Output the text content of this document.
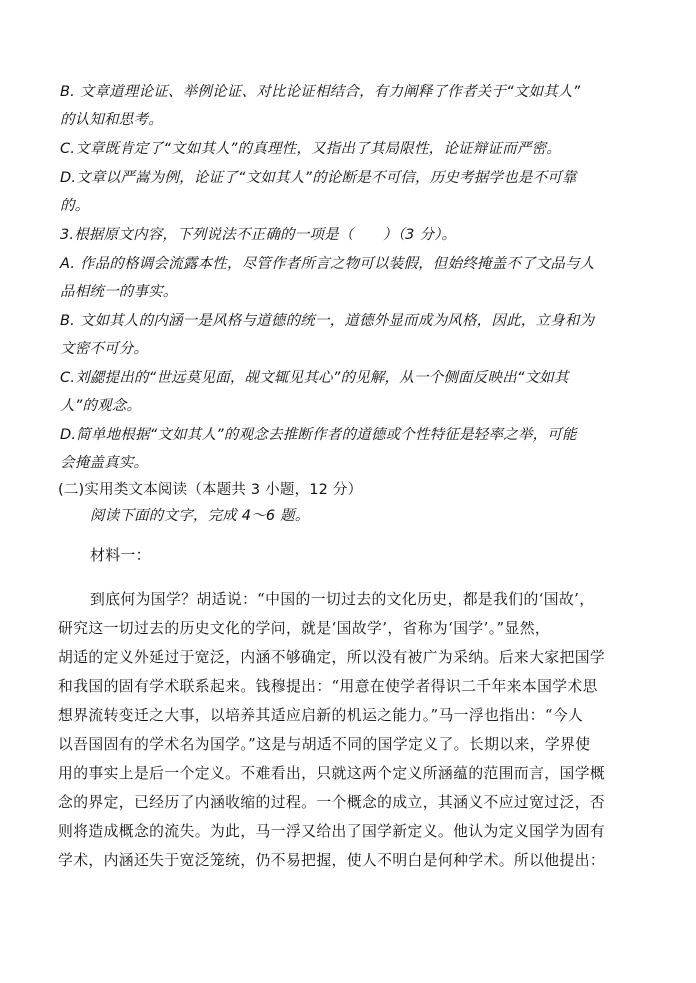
B. 文章道理论证、举例论证、对比论证相结合，有力阐释了作者关于“文如其人”
的认知和思考。
C.文章既肯定了“文如其人”的真理性，又指出了其局限性，论证辩证而严密。
D.文章以严嵩为例，论证了“文如其人”的论断是不可信，历史考据学也是不可靠
的。
3.根据原文内容，下列说法不正确的一项是（　　）（3 分）。
A. 作品的格调会流露本性，尽管作者所言之物可以装假，但始终掩盖不了文品与人
品相统一的事实。
B. 文如其人的内涵一是风格与道德的统一，道德外显而成为风格，因此，立身和为
文密不可分。
C.刘勰提出的“世远莫见面，觇文辄见其心”的见解，从一个侧面反映出“文如其
人”的观念。
D.简单地根据“文如其人”的观念去推断作者的道德或个性特征是轻率之举，可能
会掩盖真实。
(二)实用类文本阅读（本题共 3 小题，12 分）
阅读下面的文字，完成 4～6 题。
材料一：
到底何为国学？胡适说：“中国的一切过去的文化历史，都是我们的‘国故’，
研究这一切过去的历史文化的学问，就是‘国故学’，省称为‘国学’。”显然，
胡适的定义外延过于宽泛，内涵不够确定，所以没有被广为采纳。后来大家把国学
和我国的固有学术联系起来。钱穆提出：“用意在使学者得识二千年来本国学术思
想界流转变迁之大事，以培养其适应启新的机运之能力。”马一浮也指出：“今人
以吾国固有的学术名为国学。”这是与胡适不同的国学定义了。长期以来，学界使
用的事实上是后一个定义。不难看出，只就这两个定义所涵蕴的范围而言，国学概
念的界定，已经历了内涵收缩的过程。一个概念的成立，其涵义不应过宽过泛，否
则将造成概念的流失。为此，马一浮又给出了国学新定义。他认为定义国学为固有
学术，内涵还失于宽泛笼统，仍不易把握，使人不明白是何种学术。所以他提出：
